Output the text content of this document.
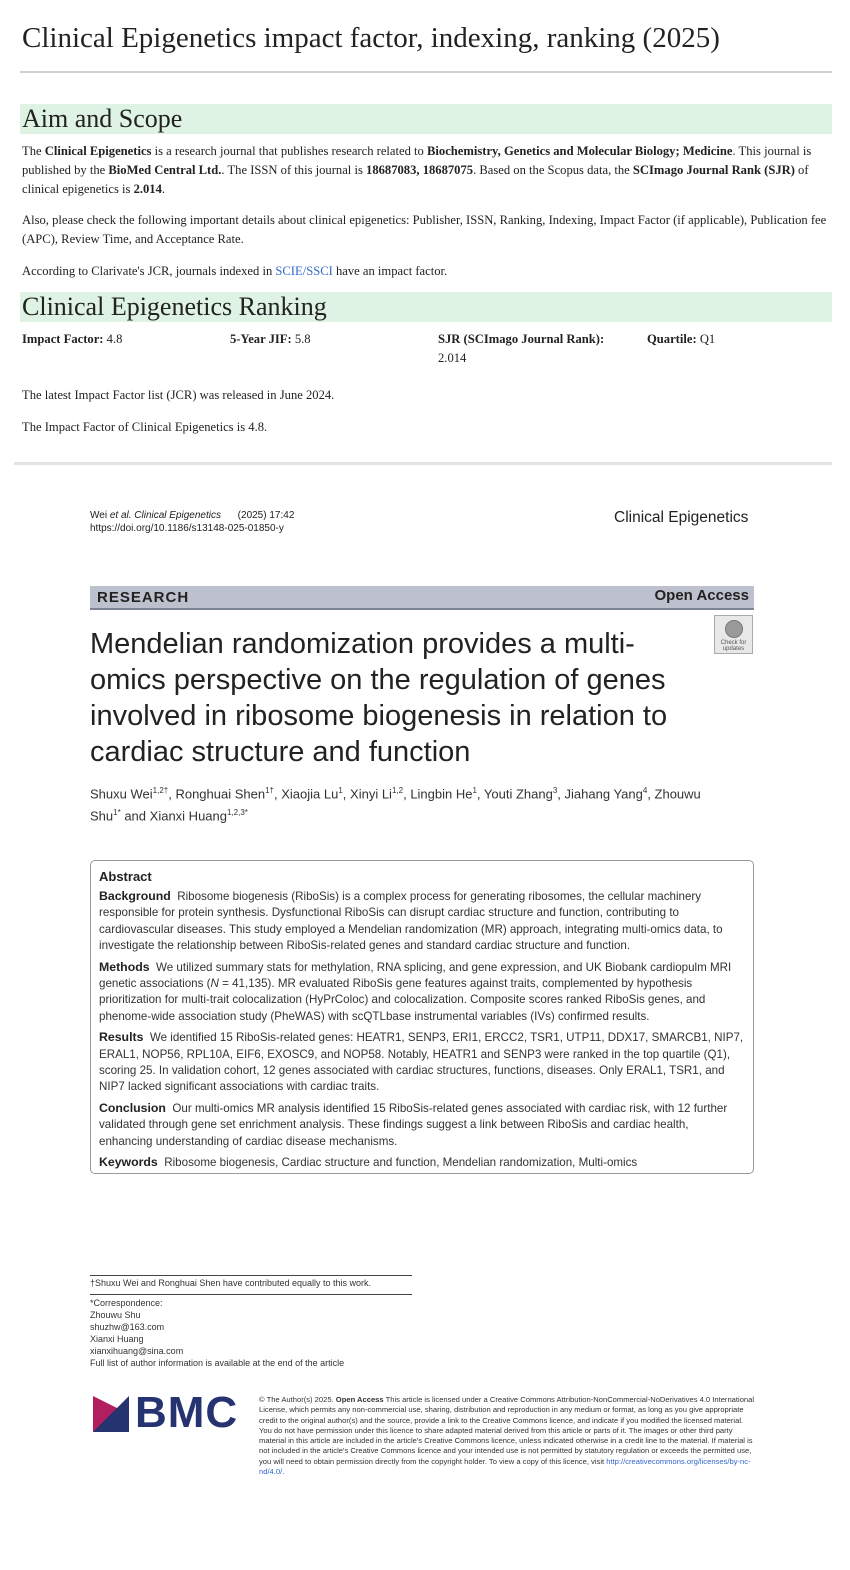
Clinical Epigenetics impact factor, indexing, ranking (2025)
Aim and Scope
The Clinical Epigenetics is a research journal that publishes research related to Biochemistry, Genetics and Molecular Biology; Medicine. This journal is published by the BioMed Central Ltd.. The ISSN of this journal is 18687083, 18687075. Based on the Scopus data, the SCImago Journal Rank (SJR) of clinical epigenetics is 2.014.
Also, please check the following important details about clinical epigenetics: Publisher, ISSN, Ranking, Indexing, Impact Factor (if applicable), Publication fee (APC), Review Time, and Acceptance Rate.
According to Clarivate's JCR, journals indexed in SCIE/SSCI have an impact factor.
Clinical Epigenetics Ranking
Impact Factor: 4.8	5-Year JIF: 5.8	SJR (SCImago Journal Rank):
2.014
Quartile: Q1
The latest Impact Factor list (JCR) was released in June 2024.
The Impact Factor of Clinical Epigenetics is 4.8.
Wei et al. Clinical Epigenetics (2025) 17:42
https://doi.org/10.1186/s13148-025-01850-y
Clinical Epigenetics
RESEARCH	Open Access
Check for updates
Mendelian randomization provides a multi-omics perspective on the regulation of genes involved in ribosome biogenesis in relation to cardiac structure and function
Shuxu Wei$^{1,2\dagger}$, Ronghuai Shen$^{1\dagger}$, Xiaojia Lu$^1$, Xinyi Li$^{1,2}$, Lingbin He$^1$, Youti Zhang$^3$, Jiahang Yang$^4$, Zhouwu Shu$^{1*}$ and Xianxi Huang$^{1,2,3*}$
Abstract
Background Ribosome biogenesis (RiboSis) is a complex process for generating ribosomes, the cellular machinery responsible for protein synthesis. Dysfunctional RiboSis can disrupt cardiac structure and function, contributing to cardiovascular diseases. This study employed a Mendelian randomization (MR) approach, integrating multi-omics data, to investigate the relationship between RiboSis-related genes and standard cardiac structure and function.
Methods We utilized summary stats for methylation, RNA splicing, and gene expression, and UK Biobank cardiopulm MRI genetic associations (N = 41,135). MR evaluated RiboSis gene features against traits, complemented by hypothesis prioritization for multi-trait colocalization (HyPrColoc) and colocalization. Composite scores ranked RiboSis genes, and phenome-wide association study (PheWAS) with scQTLbase instrumental variables (IVs) confirmed results.
Results We identified 15 RiboSis-related genes: HEATR1, SENP3, ERI1, ERCC2, TSR1, UTP11, DDX17, SMARCB1, NIP7, ERAL1, NOP56, RPL10A, EIF6, EXOSC9, and NOP58. Notably, HEATR1 and SENP3 were ranked in the top quartile (Q1), scoring 25. In validation cohort, 12 genes associated with cardiac structures, functions, diseases. Only ERAL1, TSR1, and NIP7 lacked significant associations with cardiac traits.
Conclusion Our multi-omics MR analysis identified 15 RiboSis-related genes associated with cardiac risk, with 12 further validated through gene set enrichment analysis. These findings suggest a link between RiboSis and cardiac health, enhancing understanding of cardiac disease mechanisms.
Keywords Ribosome biogenesis, Cardiac structure and function, Mendelian randomization, Multi-omics
†Shuxu Wei and Ronghuai Shen have contributed equally to this work.
*Correspondence:
Zhouwu Shu
shuzhw@163.com
Xianxi Huang
xianxihuang@sina.com
Full list of author information is available at the end of the article
BMC	© The Author(s) 2025. Open Access This article is licensed under a Creative Commons Attribution-NonCommercial-NoDerivatives 4.0 International License, which permits any non-commercial use, sharing, distribution and reproduction in any medium or format, as long as you give appropriate credit to the original author(s) and the source, provide a link to the Creative Commons licence, and indicate if you modified the licensed material. You do not have permission under this licence to share adapted material derived from this article or parts of it. The images or other third party material in this article are included in the article's Creative Commons licence, unless indicated otherwise in a credit line to the material. If material is not included in the article's Creative Commons licence and your intended use is not permitted by statutory regulation or exceeds the permitted use, you will need to obtain permission directly from the copyright holder. To view a copy of this licence, visit http://creativecommons.org/licenses/by-nc-nd/4.0/.
